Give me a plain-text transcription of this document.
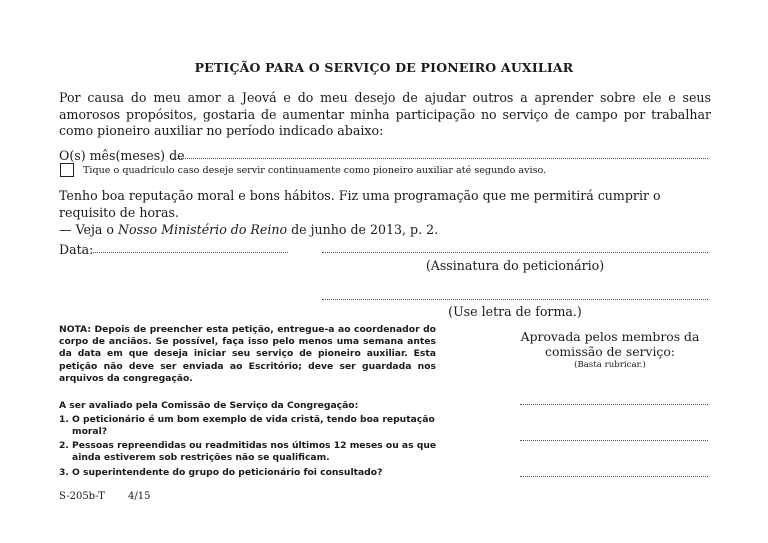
PETIÇÃO PARA O SERVIÇO DE PIONEIRO AUXILIAR
Por causa do meu amor a Jeová e do meu desejo de ajudar outros a aprender sobre ele e seus amorosos propósitos, gostaria de aumentar minha participação no serviço de campo por trabalhar como pioneiro auxiliar no período indicado abaixo:
O(s) mês(meses) de
Tique o quadrículo caso deseje servir continuamente como pioneiro auxiliar até segundo aviso.
Tenho boa reputação moral e bons hábitos. Fiz uma programação que me permitirá cumprir o requisito de horas.
— Veja o Nosso Ministério do Reino de junho de 2013, p. 2.
Data:
(Assinatura do peticionário)
(Use letra de forma.)
NOTA: Depois de preencher esta petição, entregue-a ao coordenador do corpo de anciãos. Se possível, faça isso pelo menos uma semana antes da data em que deseja iniciar seu serviço de pioneiro auxiliar. Esta petição não deve ser enviada ao Escritório; deve ser guardada nos arquivos da congregação.
Aprovada pelos membros da comissão de serviço:
(Basta rubricar.)
A ser avaliado pela Comissão de Serviço da Congregação:
1. O peticionário é um bom exemplo de vida cristã, tendo boa reputação moral?
2. Pessoas repreendidas ou readmitidas nos últimos 12 meses ou as que ainda estiverem sob restrições não se qualificam.
3. O superintendente do grupo do peticionário foi consultado?
S-205b-T 4/15
